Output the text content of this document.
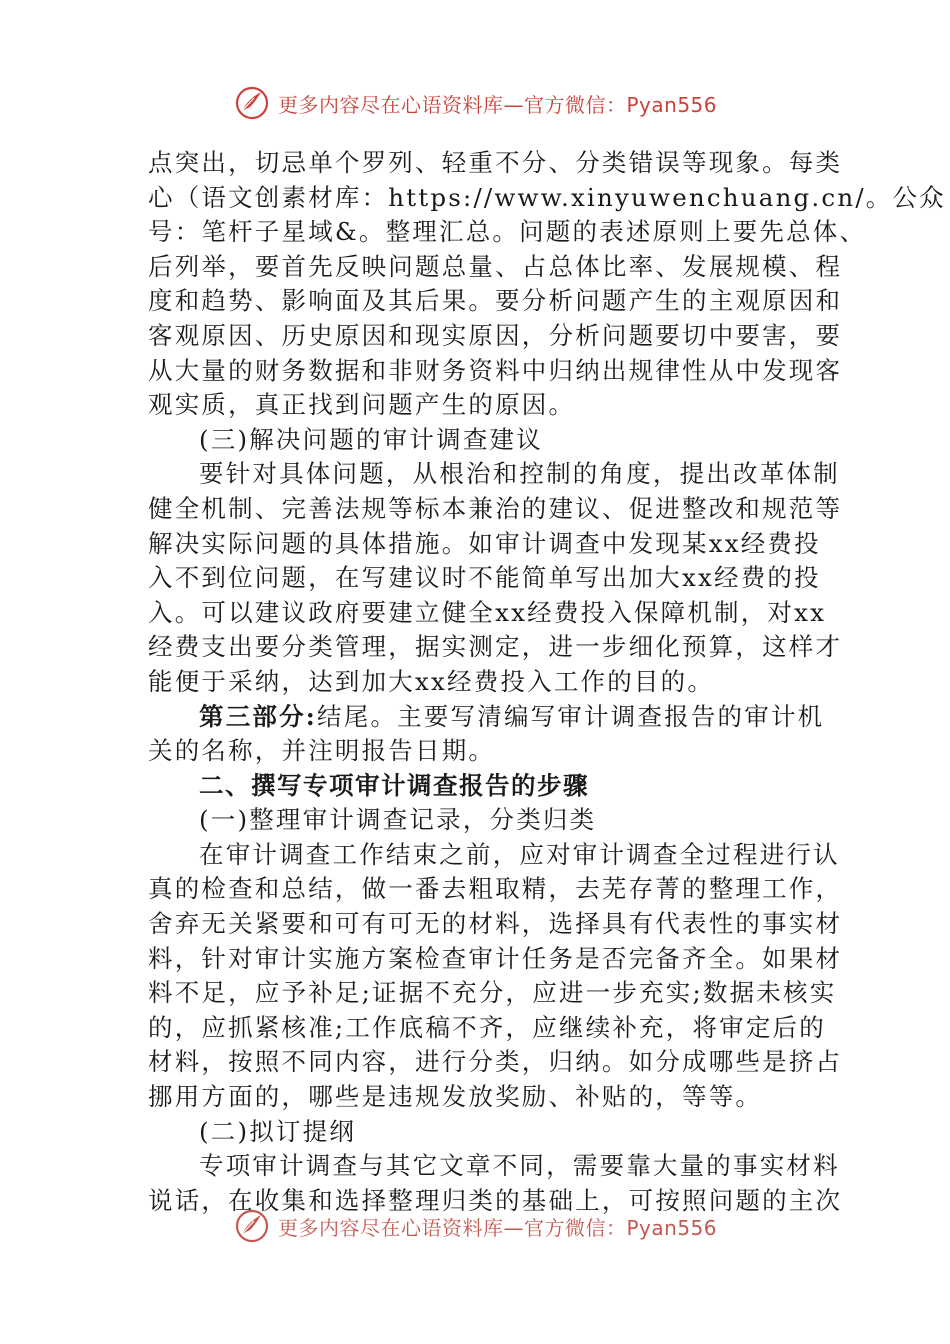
更多内容尽在心语资料库—官方微信：Pyan556
点突出，切忌单个罗列、轻重不分、分类错误等现象。每类
心（语文创素材库：https://www.xinyuwenchuang.cn/。公众
号：笔杆子星域&。整理汇总。问题的表述原则上要先总体、
后列举，要首先反映问题总量、占总体比率、发展规模、程
度和趋势、影响面及其后果。要分析问题产生的主观原因和
客观原因、历史原因和现实原因，分析问题要切中要害，要
从大量的财务数据和非财务资料中归纳出规律性从中发现客
观实质，真正找到问题产生的原因。
(三)解决问题的审计调查建议
要针对具体问题，从根治和控制的角度，提出改革体制
健全机制、完善法规等标本兼治的建议、促进整改和规范等
解决实际问题的具体措施。如审计调查中发现某xx经费投
入不到位问题，在写建议时不能简单写出加大xx经费的投
入。可以建议政府要建立健全xx经费投入保障机制，对xx
经费支出要分类管理，据实测定，进一步细化预算，这样才
能便于采纳，达到加大xx经费投入工作的目的。
第三部分:结尾。主要写清编写审计调查报告的审计机
关的名称，并注明报告日期。
二、撰写专项审计调查报告的步骤
(一)整理审计调查记录，分类归类
在审计调查工作结束之前，应对审计调查全过程进行认
真的检查和总结，做一番去粗取精，去芜存菁的整理工作，
舍弃无关紧要和可有可无的材料，选择具有代表性的事实材
料，针对审计实施方案检查审计任务是否完备齐全。如果材
料不足，应予补足;证据不充分，应进一步充实;数据未核实
的，应抓紧核准;工作底稿不齐，应继续补充，将审定后的
材料，按照不同内容，进行分类，归纳。如分成哪些是挤占
挪用方面的，哪些是违规发放奖励、补贴的，等等。
(二)拟订提纲
专项审计调查与其它文章不同，需要靠大量的事实材料
说话，在收集和选择整理归类的基础上，可按照问题的主次
更多内容尽在心语资料库—官方微信：Pyan556
